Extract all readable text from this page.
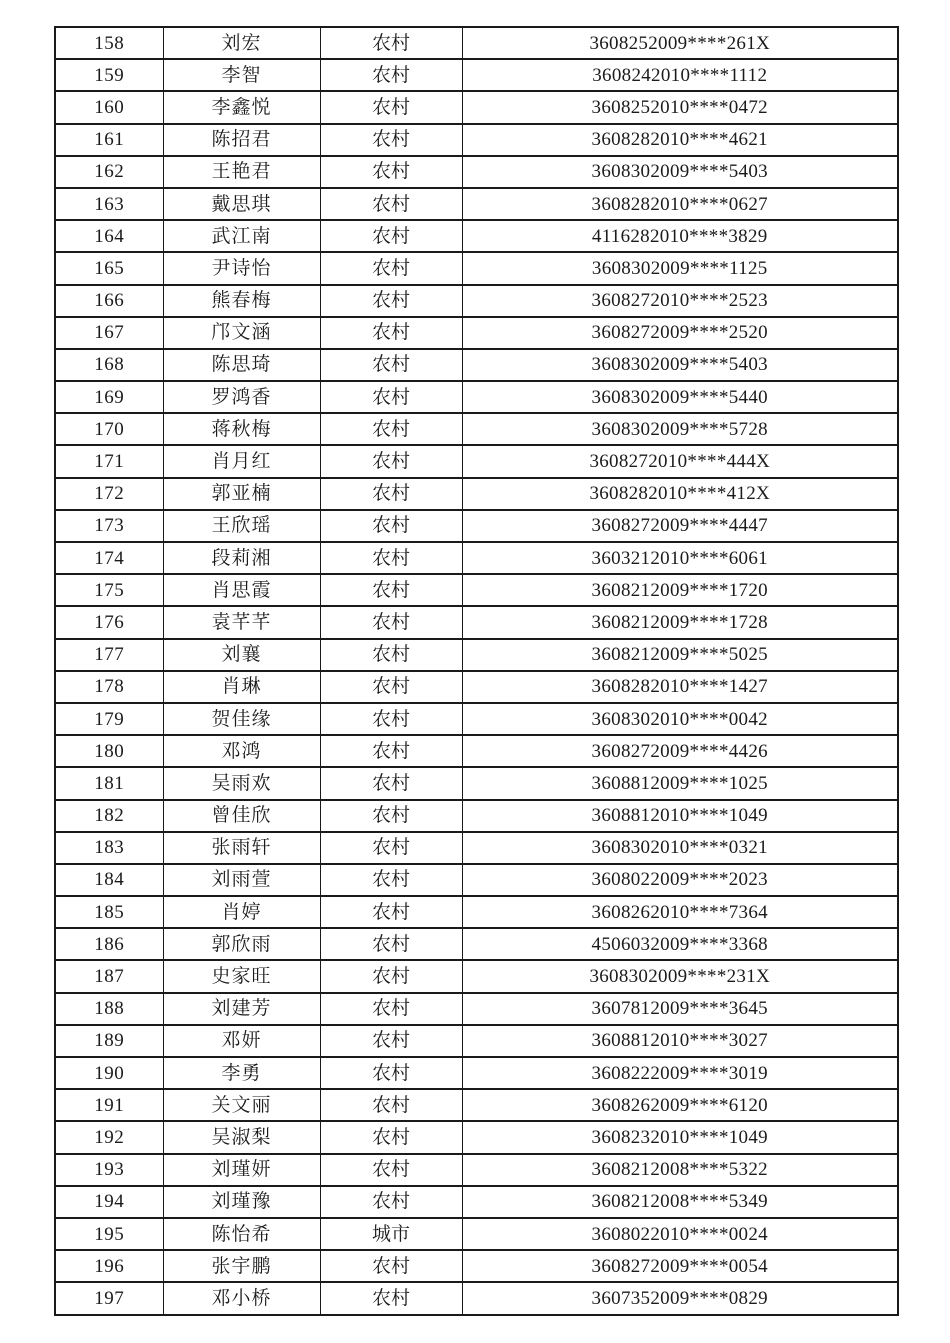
158	刘宏	农村	3608252009****261X
159	李智	农村	3608242010****1112
160	李鑫悦	农村	3608252010****0472
161	陈招君	农村	3608282010****4621
162	王艳君	农村	3608302009****5403
163	戴思琪	农村	3608282010****0627
164	武江南	农村	4116282010****3829
165	尹诗怡	农村	3608302009****1125
166	熊春梅	农村	3608272010****2523
167	邝文涵	农村	3608272009****2520
168	陈思琦	农村	3608302009****5403
169	罗鸿香	农村	3608302009****5440
170	蒋秋梅	农村	3608302009****5728
171	肖月红	农村	3608272010****444X
172	郭亚楠	农村	3608282010****412X
173	王欣瑶	农村	3608272009****4447
174	段莉湘	农村	3603212010****6061
175	肖思霞	农村	3608212009****1720
176	袁芊芊	农村	3608212009****1728
177	刘襄	农村	3608212009****5025
178	肖琳	农村	3608282010****1427
179	贺佳缘	农村	3608302010****0042
180	邓鸿	农村	3608272009****4426
181	吴雨欢	农村	3608812009****1025
182	曾佳欣	农村	3608812010****1049
183	张雨轩	农村	3608302010****0321
184	刘雨萱	农村	3608022009****2023
185	肖婷	农村	3608262010****7364
186	郭欣雨	农村	4506032009****3368
187	史家旺	农村	3608302009****231X
188	刘建芳	农村	3607812009****3645
189	邓妍	农村	3608812010****3027
190	李勇	农村	3608222009****3019
191	关文丽	农村	3608262009****6120
192	吴淑梨	农村	3608232010****1049
193	刘瑾妍	农村	3608212008****5322
194	刘瑾豫	农村	3608212008****5349
195	陈怡希	城市	3608022010****0024
196	张宇鹏	农村	3608272009****0054
197	邓小桥	农村	3607352009****0829
